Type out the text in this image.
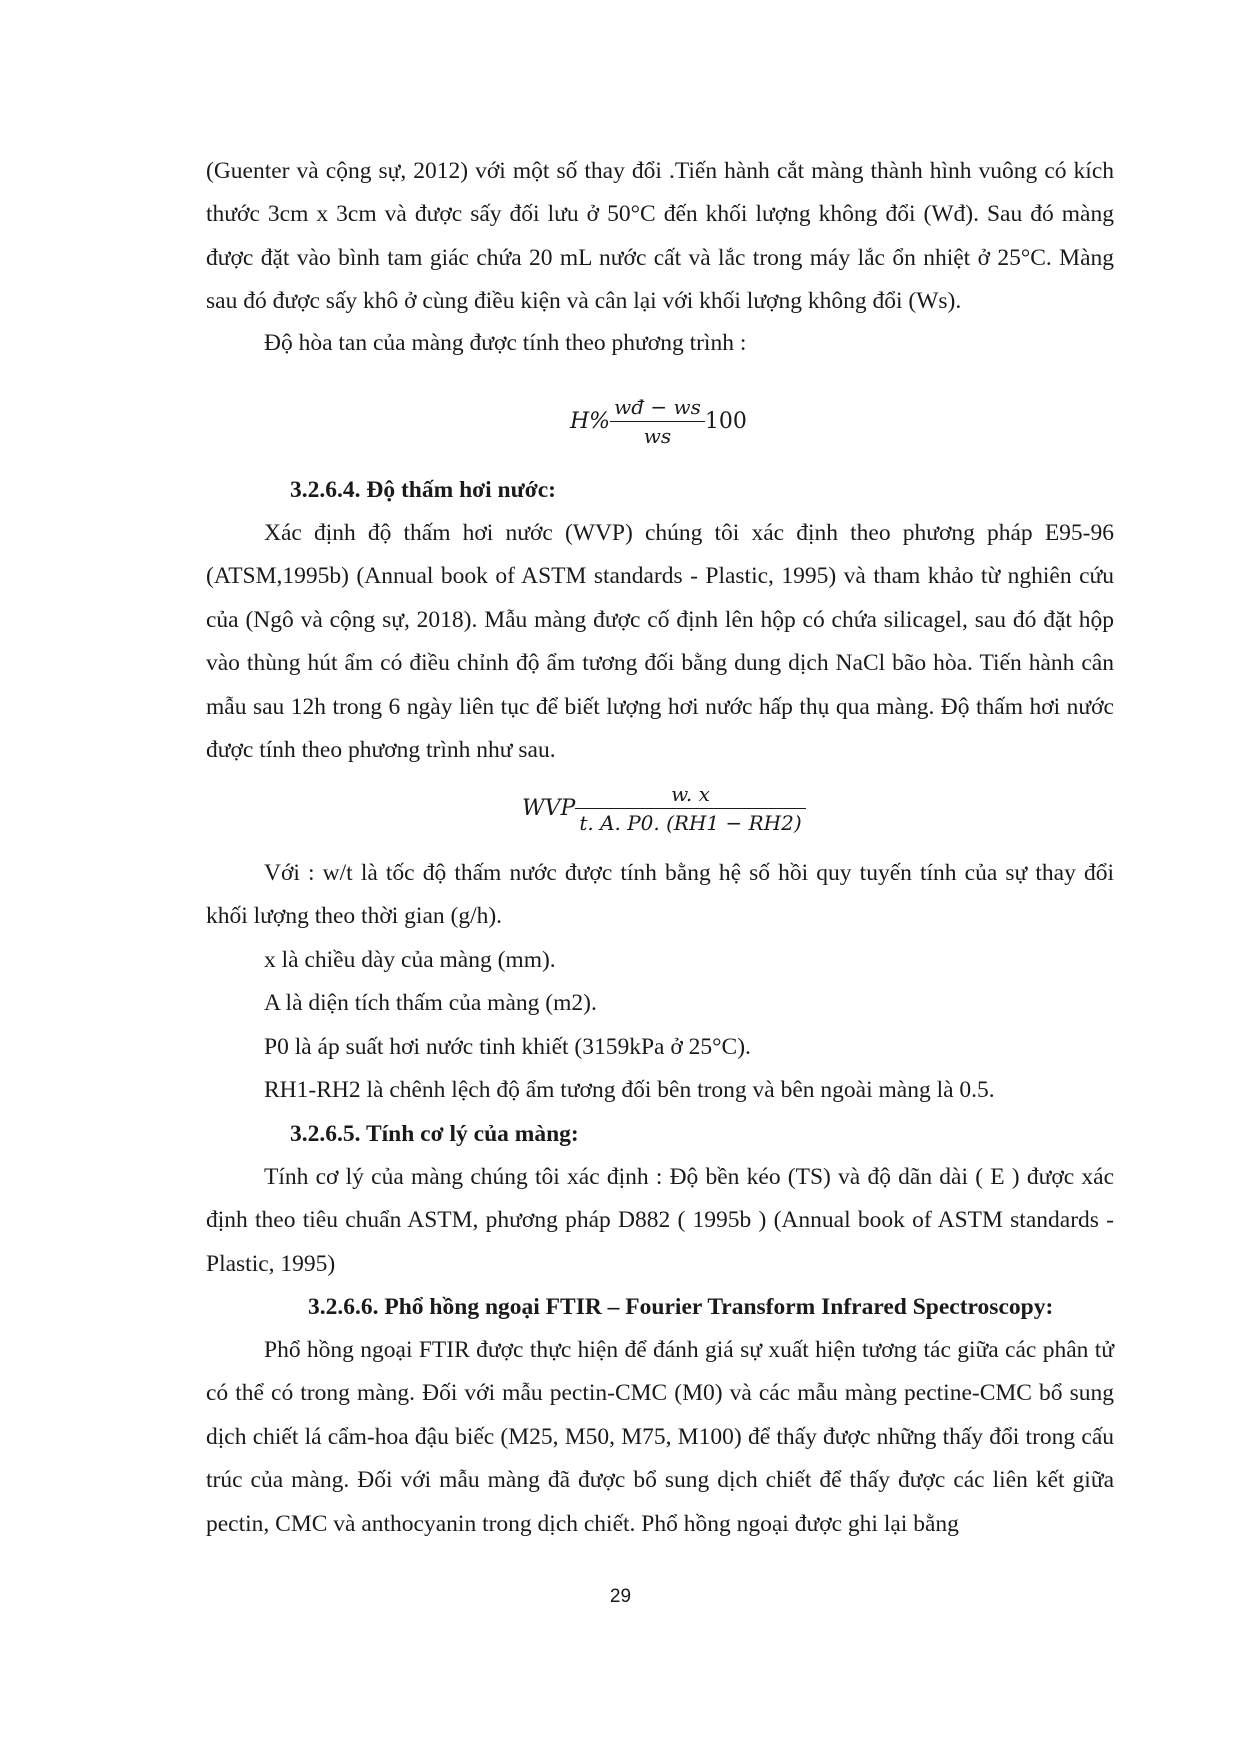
(Guenter và cộng sự, 2012) với một số thay đổi .Tiến hành cắt màng thành hình vuông có kích thước 3cm x 3cm và được sấy đối lưu ở 50°C đến khối lượng không đổi (Wđ). Sau đó màng được đặt vào bình tam giác chứa 20 mL nước cất và lắc trong máy lắc ổn nhiệt ở 25°C. Màng sau đó được sấy khô ở cùng điều kiện và cân lại với khối lượng không đổi (Ws).

Độ hòa tan của màng được tính theo phương trình :

$H\% \frac{wđ - ws}{ws} 100$

3.2.6.4. Độ thấm hơi nước:

Xác định độ thấm hơi nước (WVP) chúng tôi xác định theo phương pháp E95-96 (ATSM,1995b) (Annual book of ASTM standards - Plastic, 1995) và tham khảo từ nghiên cứu của (Ngô và cộng sự, 2018). Mẫu màng được cố định lên hộp có chứa silicagel, sau đó đặt hộp vào thùng hút ẩm có điều chỉnh độ ẩm tương đối bằng dung dịch NaCl bão hòa. Tiến hành cân mẫu sau 12h trong 6 ngày liên tục để biết lượng hơi nước hấp thụ qua màng. Độ thấm hơi nước được tính theo phương trình như sau.

WVP $\frac{w. x}{t. A. P0. (RH1 - RH2)}$

Với : w/t là tốc độ thấm nước được tính bằng hệ số hồi quy tuyến tính của sự thay đổi khối lượng theo thời gian (g/h).

x là chiều dày của màng (mm).

A là diện tích thấm của màng (m2).

P0 là áp suất hơi nước tinh khiết (3159kPa ở 25°C).

RH1-RH2 là chênh lệch độ ẩm tương đối bên trong và bên ngoài màng là 0.5.

3.2.6.5. Tính cơ lý của màng:

Tính cơ lý của màng chúng tôi xác định : Độ bền kéo (TS) và độ dãn dài ( E ) được xác định theo tiêu chuẩn ASTM, phương pháp D882 ( 1995b ) (Annual book of ASTM standards - Plastic, 1995)

3.2.6.6. Phổ hồng ngoại FTIR – Fourier Transform Infrared Spectroscopy:

Phổ hồng ngoại FTIR được thực hiện để đánh giá sự xuất hiện tương tác giữa các phân tử có thể có trong màng. Đối với mẫu pectin-CMC (M0) và các mẫu màng pectine-CMC bổ sung dịch chiết lá cẩm-hoa đậu biếc (M25, M50, M75, M100) để thấy được những thấy đổi trong cấu trúc của màng. Đối với mẫu màng đã được bổ sung dịch chiết để thấy được các liên kết giữa pectin, CMC và anthocyanin trong dịch chiết. Phổ hồng ngoại được ghi lại bằng

29
